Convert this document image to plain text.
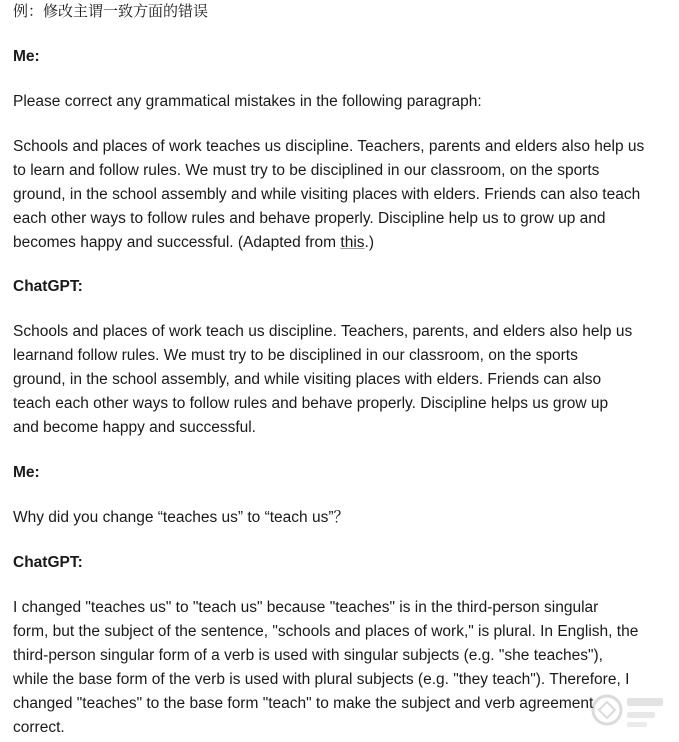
例：修改主谓一致方面的错误
Me:
Please correct any grammatical mistakes in the following paragraph:
Schools and places of work teaches us discipline. Teachers, parents and elders also help us
to learn and follow rules. We must try to be disciplined in our classroom, on the sports
ground, in the school assembly and while visiting places with elders. Friends can also teach
each other ways to follow rules and behave properly. Discipline help us to grow up and
becomes happy and successful. (Adapted from this.)
ChatGPT:
Schools and places of work teach us discipline. Teachers, parents, and elders also help us
learnand follow rules. We must try to be disciplined in our classroom, on the sports
ground, in the school assembly, and while visiting places with elders. Friends can also
teach each other ways to follow rules and behave properly. Discipline helps us grow up
and become happy and successful.
Me:
Why did you change “teaches us” to “teach us”？
ChatGPT:
I changed "teaches us" to "teach us" because "teaches" is in the third-person singular
form, but the subject of the sentence, "schools and places of work," is plural. In English, the
third-person singular form of a verb is used with singular subjects (e.g. "she teaches"),
while the base form of the verb is used with plural subjects (e.g. "they teach"). Therefore, I
changed "teaches" to the base form "teach" to make the subject and verb agreement
correct.
